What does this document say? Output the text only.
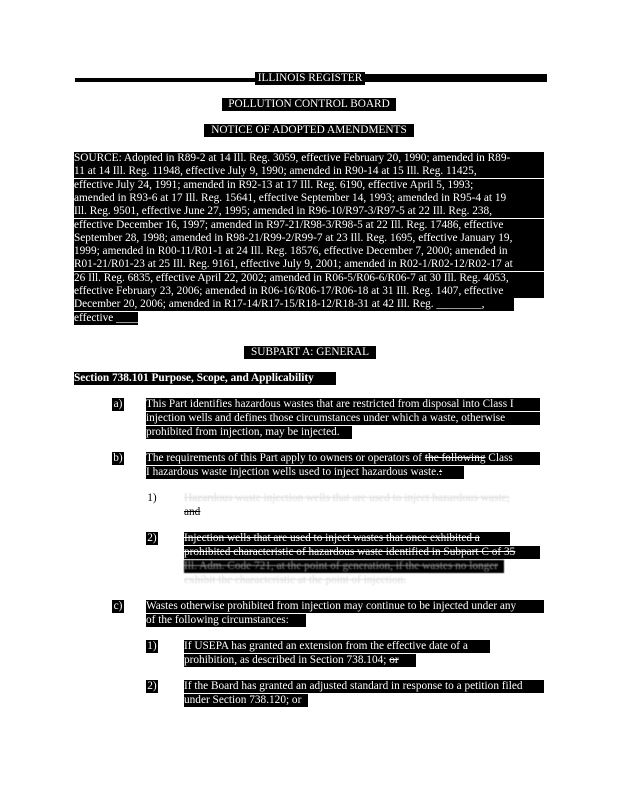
ILLINOIS REGISTER
POLLUTION CONTROL BOARD
NOTICE OF ADOPTED AMENDMENTS
SOURCE: Adopted in R89-2 at 14 Ill. Reg. 3059, effective February 20, 1990; amended in R89-
11 at 14 Ill. Reg. 11948, effective July 9, 1990; amended in R90-14 at 15 Ill. Reg. 11425,
effective July 24, 1991; amended in R92-13 at 17 Ill. Reg. 6190, effective April 5, 1993;
amended in R93-6 at 17 Ill. Reg. 15641, effective September 14, 1993; amended in R95-4 at 19
Ill. Reg. 9501, effective June 27, 1995; amended in R96-10/R97-3/R97-5 at 22 Ill. Reg. 238,
effective December 16, 1997; amended in R97-21/R98-3/R98-5 at 22 Ill. Reg. 17486, effective
September 28, 1998; amended in R98-21/R99-2/R99-7 at 23 Ill. Reg. 1695, effective January 19,
1999; amended in R00-11/R01-1 at 24 Ill. Reg. 18576, effective December 7, 2000; amended in
R01-21/R01-23 at 25 Ill. Reg. 9161, effective July 9, 2001; amended in R02-1/R02-12/R02-17 at
26 Ill. Reg. 6835, effective April 22, 2002; amended in R06-5/R06-6/R06-7 at 30 Ill. Reg. 4053,
effective February 23, 2006; amended in R06-16/R06-17/R06-18 at 31 Ill. Reg. 1407, effective
December 20, 2006; amended in R17-14/R17-15/R18-12/R18-31 at 42 Ill. Reg. ________,
effective ____________________.
SUBPART A: GENERAL
Section 738.101 Purpose, Scope, and Applicability
a) This Part identifies hazardous wastes that are restricted from disposal into Class I
injection wells and defines those circumstances under which a waste, otherwise
prohibited from injection, may be injected.
b) The requirements of this Part apply to owners or operators of the following Class
I hazardous waste injection wells used to inject hazardous waste.:
1) Hazardous waste injection wells that are used to inject hazardous waste;
and
2) Injection wells that are used to inject wastes that once exhibited a
prohibited characteristic of hazardous waste identified in Subpart C of 35
Ill. Adm. Code 721, at the point of generation, if the wastes no longer
exhibit the characteristic at the point of injection.
c) Wastes otherwise prohibited from injection may continue to be injected under any
of the following circumstances:
1) If USEPA has granted an extension from the effective date of a
prohibition, as described in Section 738.104; or
2) If the Board has granted an adjusted standard in response to a petition filed
under Section 738.120; or
